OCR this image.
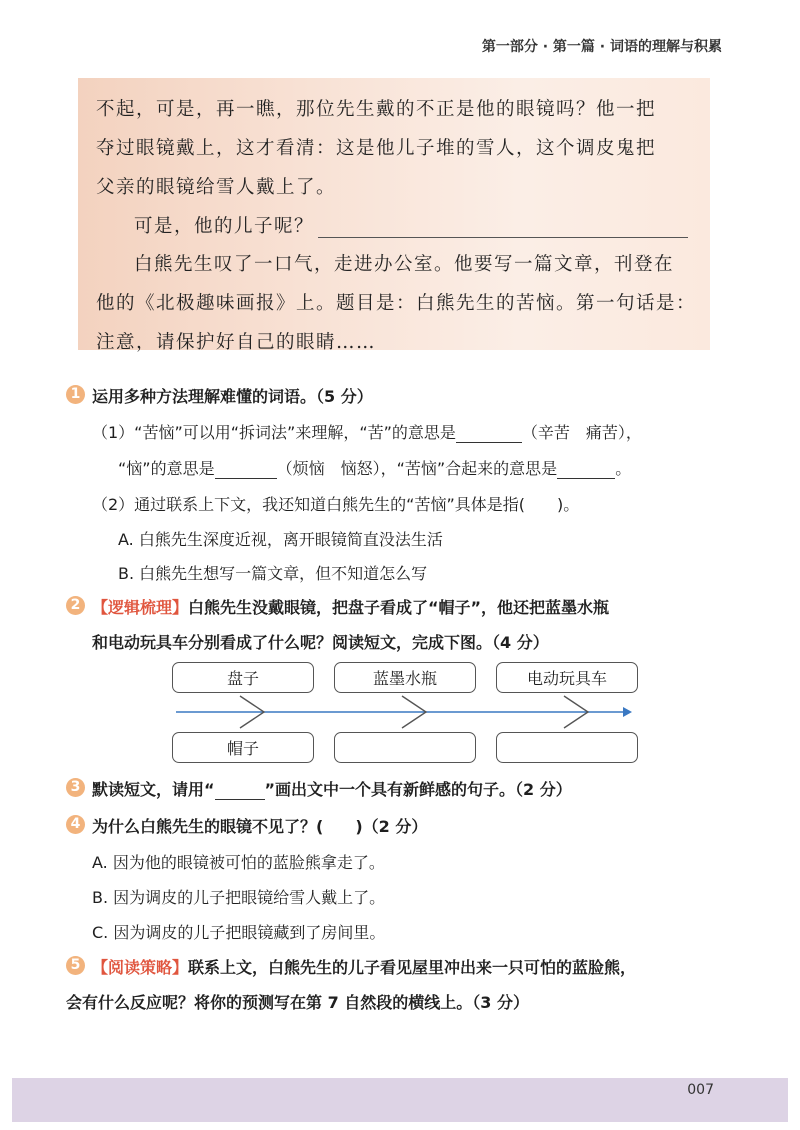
第一部分 · 第一篇 · 词语的理解与积累
不起，可是，再一瞧，那位先生戴的不正是他的眼镜吗？他一把
夺过眼镜戴上，这才看清：这是他儿子堆的雪人，这个调皮鬼把
父亲的眼镜给雪人戴上了。
可是，他的儿子呢？
白熊先生叹了一口气，走进办公室。他要写一篇文章，刊登在
他的《北极趣味画报》上。题目是：白熊先生的苦恼。第一句话是：
注意，请保护好自己的眼睛……
1 运用多种方法理解难懂的词语。（5 分）
（1）“苦恼”可以用“拆词法”来理解，“苦”的意思是	（辛苦　痛苦），
“恼”的意思是	（烦恼　恼怒），“苦恼”合起来的意思是	。
（2）通过联系上下文，我还知道白熊先生的“苦恼”具体是指(　　)。
A. 白熊先生深度近视，离开眼镜简直没法生活
B. 白熊先生想写一篇文章，但不知道怎么写
2 【逻辑梳理】白熊先生没戴眼镜，把盘子看成了“帽子”，他还把蓝墨水瓶
和电动玩具车分别看成了什么呢？阅读短文，完成下图。（4 分）
盘子	蓝墨水瓶	电动玩具车
帽子
3 默读短文，请用“	”画出文中一个具有新鲜感的句子。（2 分）
4 为什么白熊先生的眼镜不见了？(　　)（2 分）
A. 因为他的眼镜被可怕的蓝脸熊拿走了。
B. 因为调皮的儿子把眼镜给雪人戴上了。
C. 因为调皮的儿子把眼镜藏到了房间里。
5 【阅读策略】联系上文，白熊先生的儿子看见屋里冲出来一只可怕的蓝脸熊，
会有什么反应呢？将你的预测写在第 7 自然段的横线上。（3 分）
007
